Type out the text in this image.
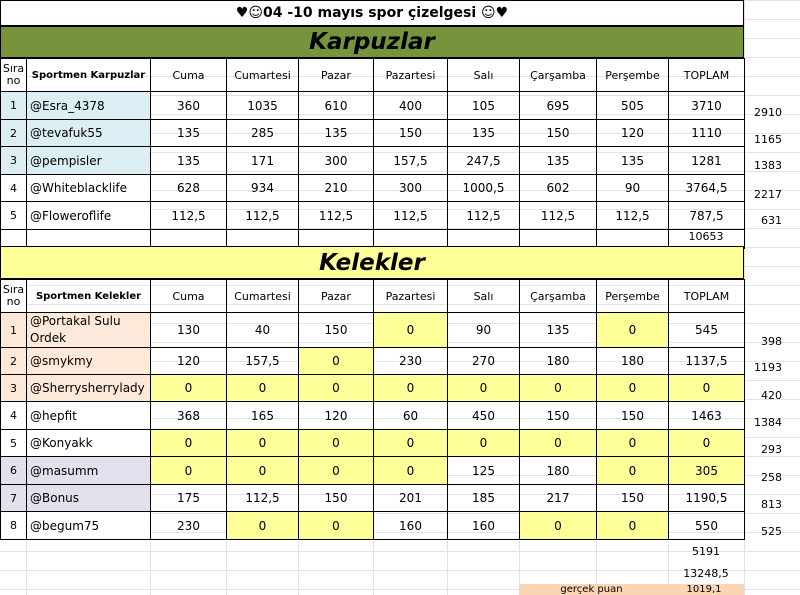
♥☺04 -10 mayıs spor çizelgesi ☺♥
Karpuzlar
Sıra no	Sportmen Karpuzlar	Cuma	Cumartesi	Pazar	Pazartesi	Salı	Çarşamba	Perşembe	TOPLAM
1	@Esra_4378	360	1035	610	400	105	695	505	3710
2	@tevafuk55	135	285	135	150	135	150	120	1110
3	@pempisler	135	171	300	157,5	247,5	135	135	1281
4	@Whiteblacklife	628	934	210	300	1000,5	602	90	3764,5
5	@Floweroflife	112,5	112,5	112,5	112,5	112,5	112,5	112,5	787,5

Kelekler
Sıra no	Sportmen Kelekler	Cuma	Cumartesi	Pazar	Pazartesi	Salı	Çarşamba	Perşembe	TOPLAM
1	@Portakal Sulu Ordek	130	40	150	0	90	135	0	545
2	@smykmy	120	157,5	0	230	270	180	180	1137,5
3	@Sherrysherrylady	0	0	0	0	0	0	0	0
4	@hepfit	368	165	120	60	450	150	150	1463
5	@Konyakk	0	0	0	0	0	0	0	0
6	@masumm	0	0	0	0	125	180	0	305
7	@Bonus	175	112,5	150	201	185	217	150	1190,5
8	@begum75	230	0	0	160	160	0	0	550
2910
1165
1383
2217
631
398
1193
420
1384
293
258
813
525
10653
5191
13248,5
gerçek puan	1019,1
